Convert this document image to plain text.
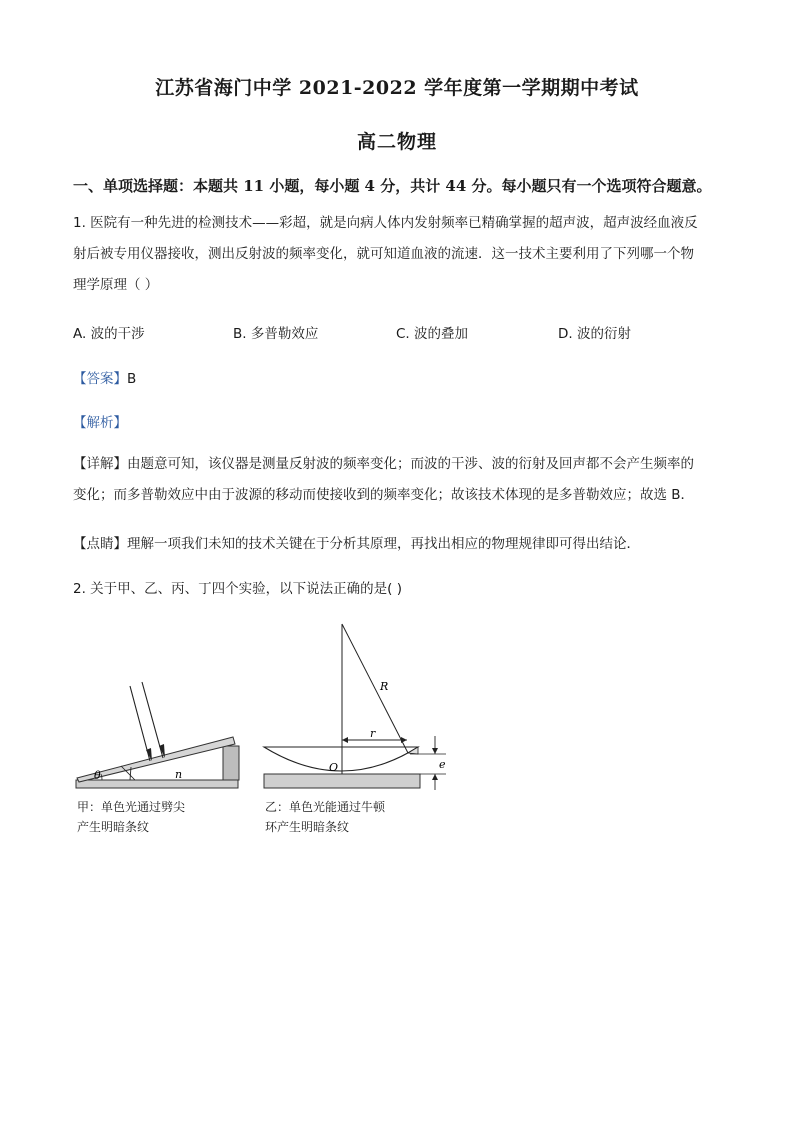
江苏省海门中学 2021-2022 学年度第一学期期中考试
高二物理
一、单项选择题：本题共 11 小题，每小题 4 分，共计 44 分。每小题只有一个选项符合题意。
1. 医院有一种先进的检测技术——彩超，就是向病人体内发射频率已精确掌握的超声波，超声波经血液反
射后被专用仪器接收，测出反射波的频率变化，就可知道血液的流速．这一技术主要利用了下列哪一个物
理学原理（ ）
A. 波的干涉	B. 多普勒效应	C. 波的叠加	D. 波的衍射
【答案】B
【解析】
【详解】由题意可知，该仪器是测量反射波的频率变化；而波的干涉、波的衍射及回声都不会产生频率的
变化；而多普勒效应中由于波源的移动而使接收到的频率变化；故该技术体现的是多普勒效应；故选 B．
【点睛】理解一项我们未知的技术关键在于分析其原理，再找出相应的物理规律即可得出结论．
2. 关于甲、乙、丙、丁四个实验，以下说法正确的是( )
θ	n
甲：单色光通过劈尖
产生明暗条纹
R
r
O	e
乙：单色光能通过牛顿
环产生明暗条纹
